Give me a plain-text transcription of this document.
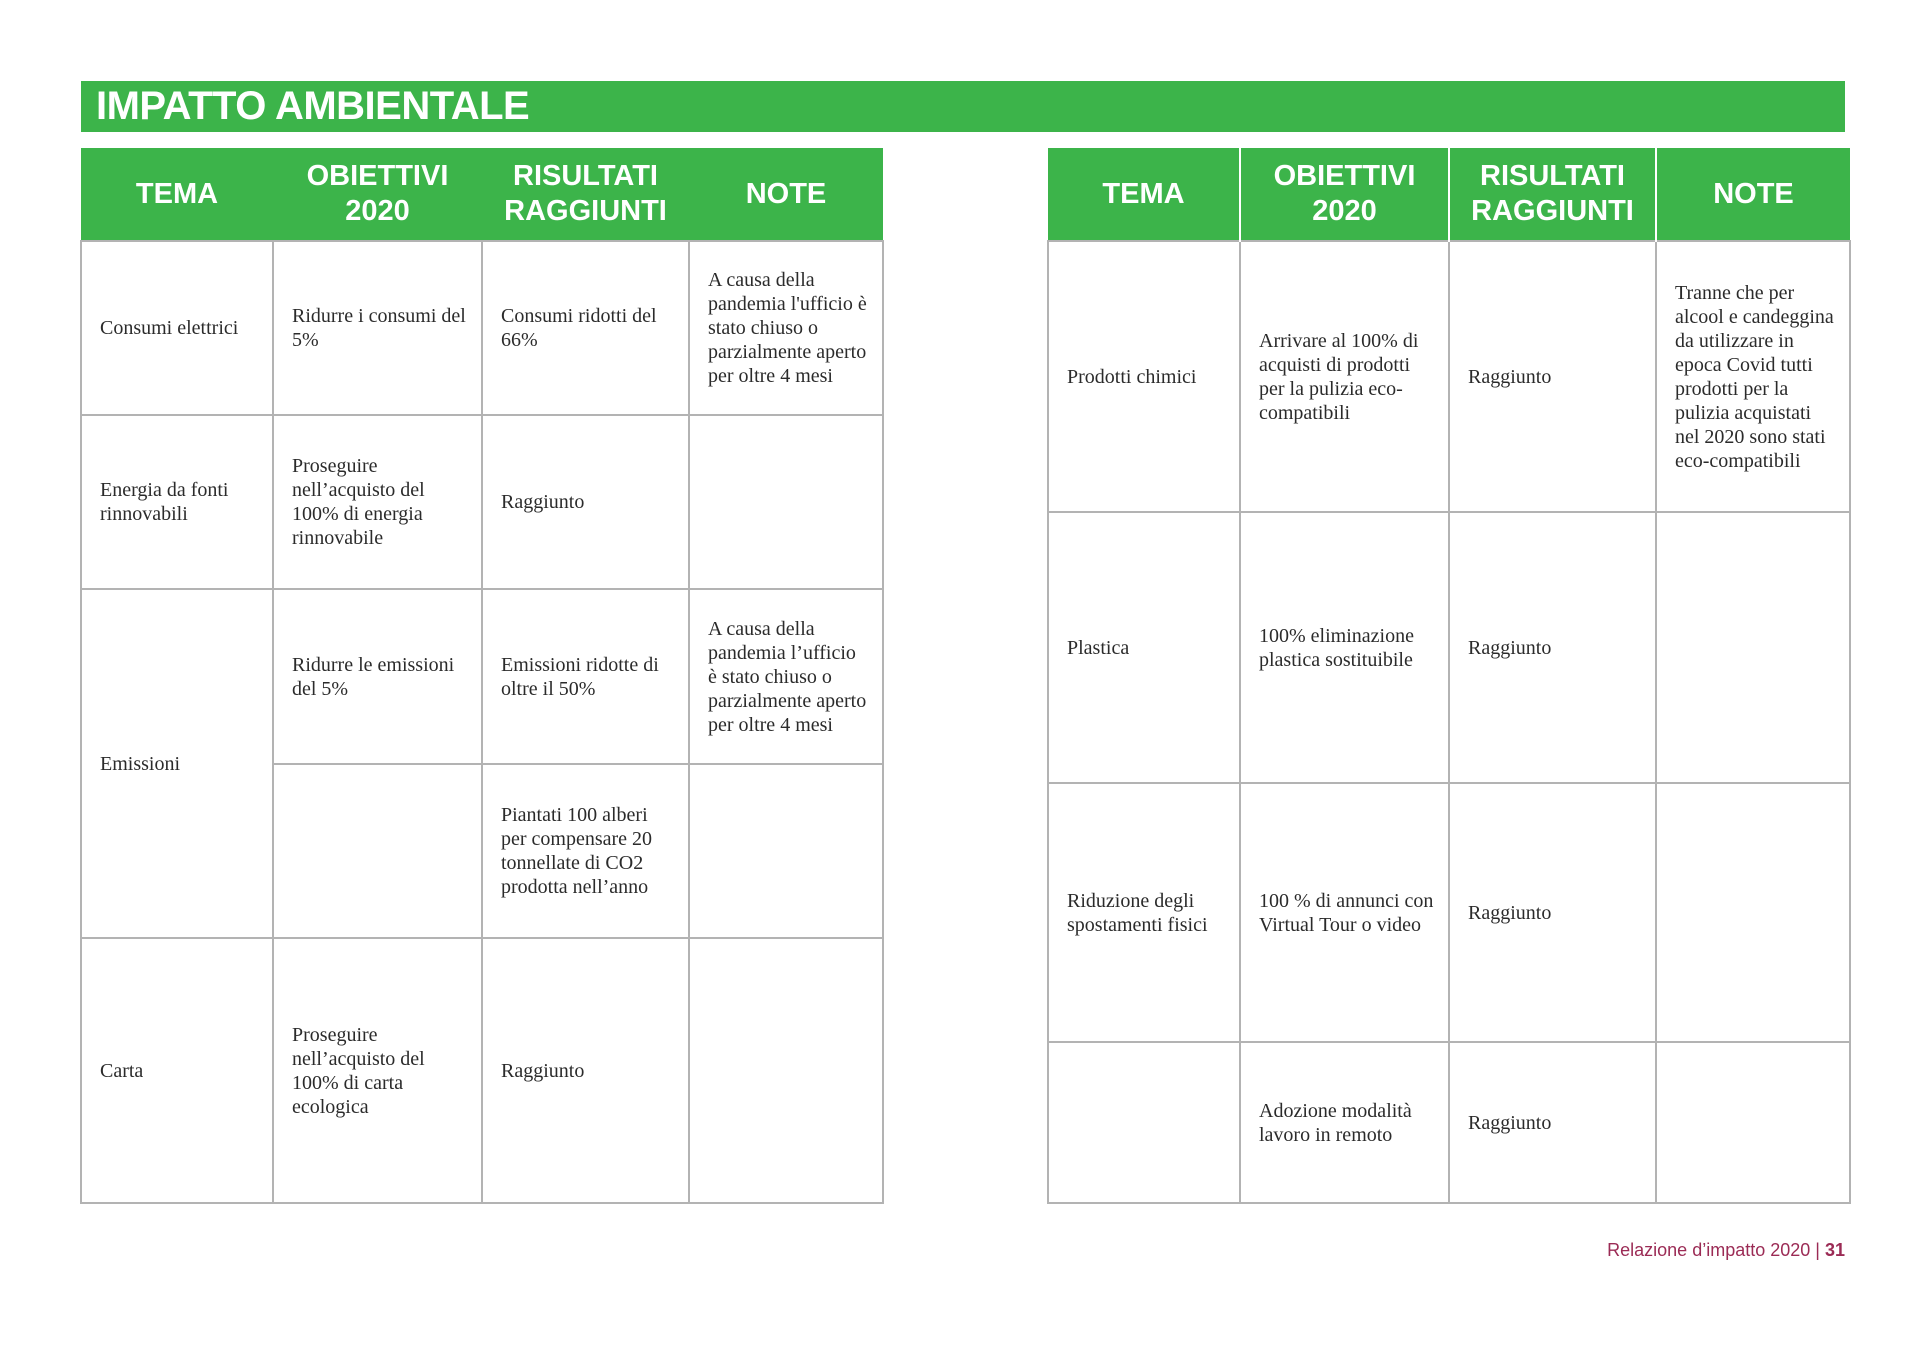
IMPATTO AMBIENTALE
TEMA	OBIETTIVI 2020	RISULTATI RAGGIUNTI	NOTE
Consumi elettrici	Ridurre i consumi del 5%	Consumi ridotti del 66%	A causa della pandemia l'ufficio è stato chiuso o parzialmente aperto per oltre 4 mesi
Energia da fonti rinnovabili	Proseguire nell’acquisto del 100% di energia rinnovabile	Raggiunto	
Emissioni	Ridurre le emissioni del 5%	Emissioni ridotte di oltre il 50%	A causa della pandemia l’ufficio è stato chiuso o parzialmente aperto per oltre 4 mesi
		Piantati 100 alberi per compensare 20 tonnellate di CO2 prodotta nell’anno	
Carta	Proseguire nell’acquisto del 100% di carta ecologica	Raggiunto	
TEMA	OBIETTIVI 2020	RISULTATI RAGGIUNTI	NOTE
Prodotti chimici	Arrivare al 100% di acquisti di prodotti per la pulizia eco-compatibili	Raggiunto	Tranne che per alcool e candeggina da utilizzare in epoca Covid tutti prodotti per la pulizia acquistati nel 2020 sono stati eco-compatibili
Plastica	100% eliminazione plastica sostituibile	Raggiunto	
Riduzione degli spostamenti fisici	100 % di annunci con Virtual Tour o video	Raggiunto	
	Adozione modalità lavoro in remoto	Raggiunto	
Relazione d’impatto 2020 | 31
